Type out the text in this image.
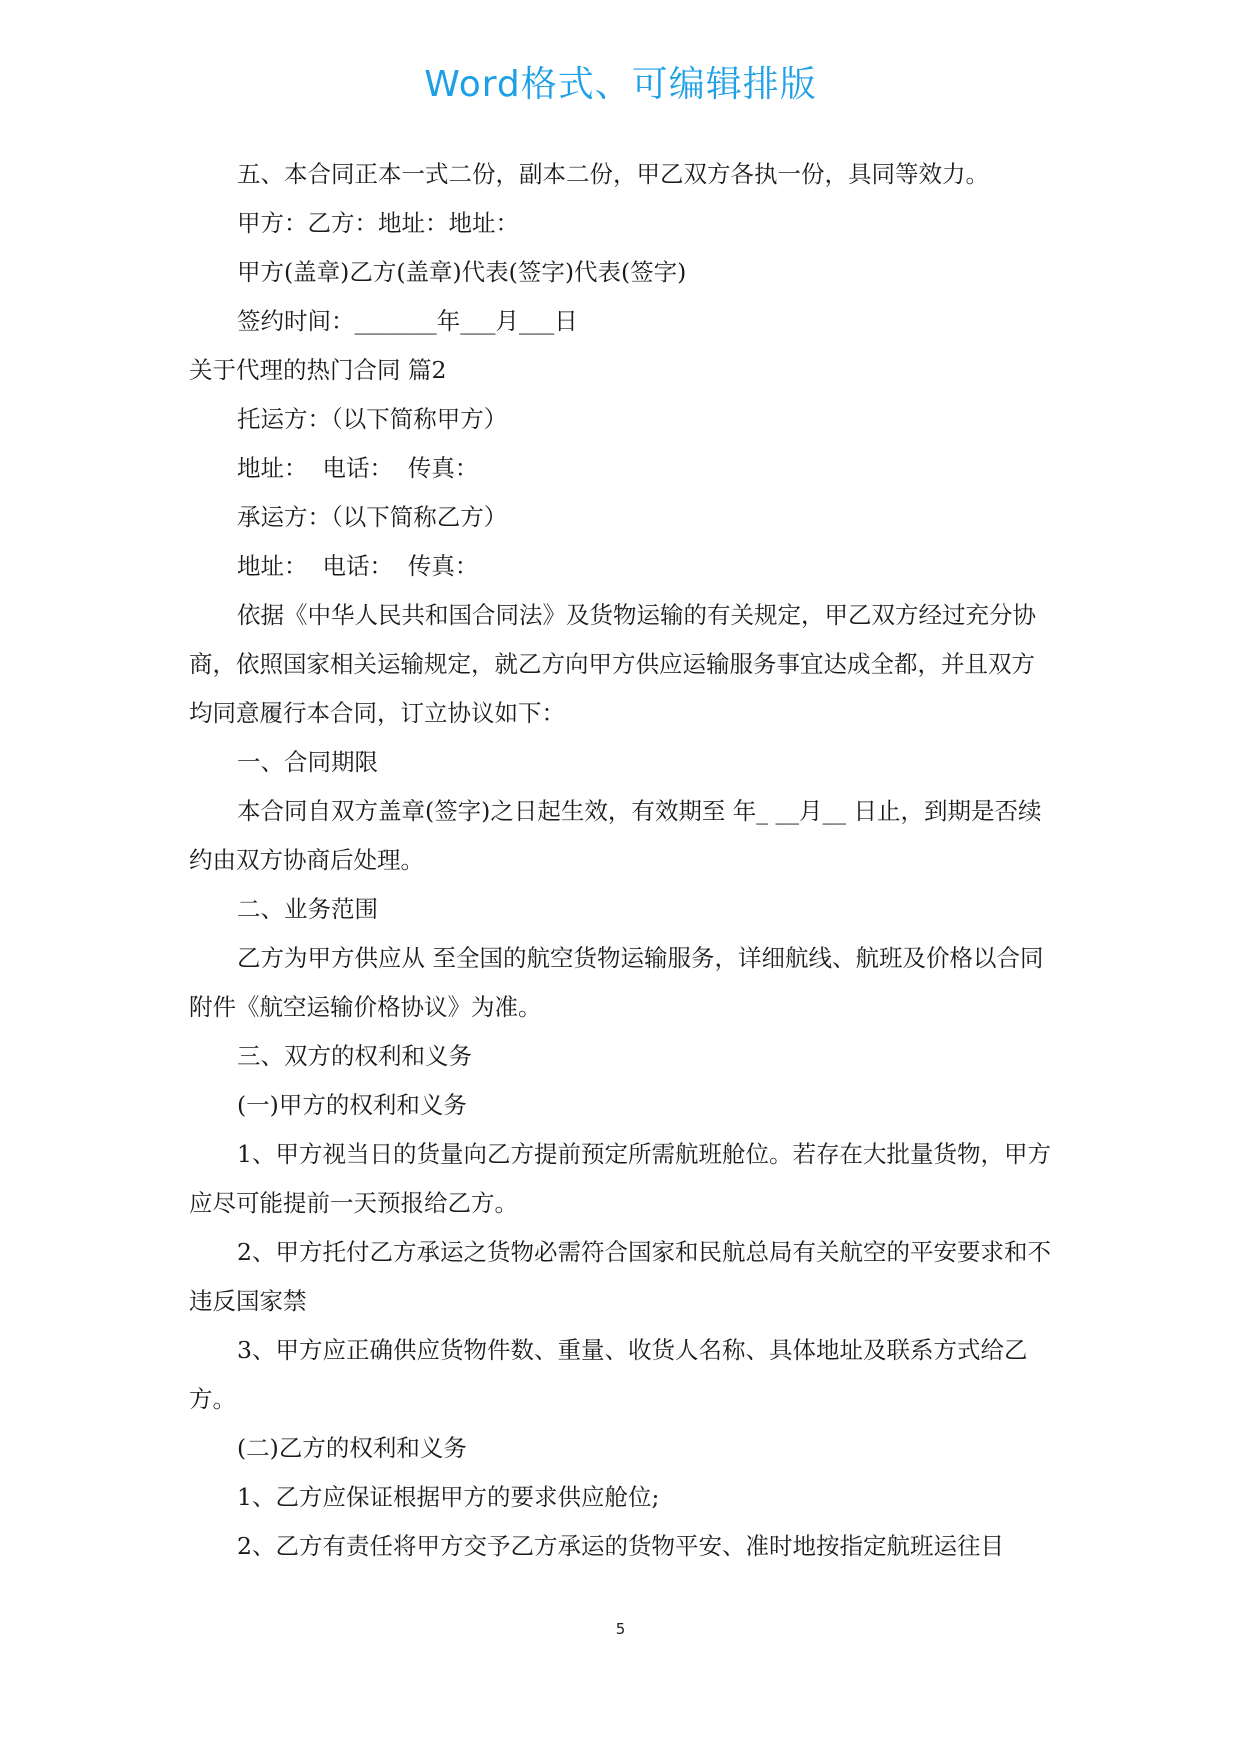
Word格式、可编辑排版

五、本合同正本一式二份，副本二份，甲乙双方各执一份，具同等效力。

甲方：乙方：地址：地址：

甲方(盖章)乙方(盖章)代表(签字)代表(签字)

签约时间：_______年___月___日

关于代理的热门合同 篇2

托运方：（以下简称甲方）

地址：  电话：  传真：

承运方：（以下简称乙方）

地址：  电话：  传真：

依据《中华人民共和国合同法》及货物运输的有关规定，甲乙双方经过充分协商，依照国家相关运输规定，就乙方向甲方供应运输服务事宜达成全都，并且双方均同意履行本合同，订立协议如下：

一、合同期限

本合同自双方盖章(签字)之日起生效，有效期至 年_ __月__ 日止，到期是否续约由双方协商后处理。

二、业务范围

乙方为甲方供应从 至全国的航空货物运输服务，详细航线、航班及价格以合同附件《航空运输价格协议》为准。

三、双方的权利和义务

(一)甲方的权利和义务

1、甲方视当日的货量向乙方提前预定所需航班舱位。若存在大批量货物，甲方应尽可能提前一天预报给乙方。

2、甲方托付乙方承运之货物必需符合国家和民航总局有关航空的平安要求和不违反国家禁

3、甲方应正确供应货物件数、重量、收货人名称、具体地址及联系方式给乙方。

(二)乙方的权利和义务

1、乙方应保证根据甲方的要求供应舱位;

2、乙方有责任将甲方交予乙方承运的货物平安、准时地按指定航班运往目

5
